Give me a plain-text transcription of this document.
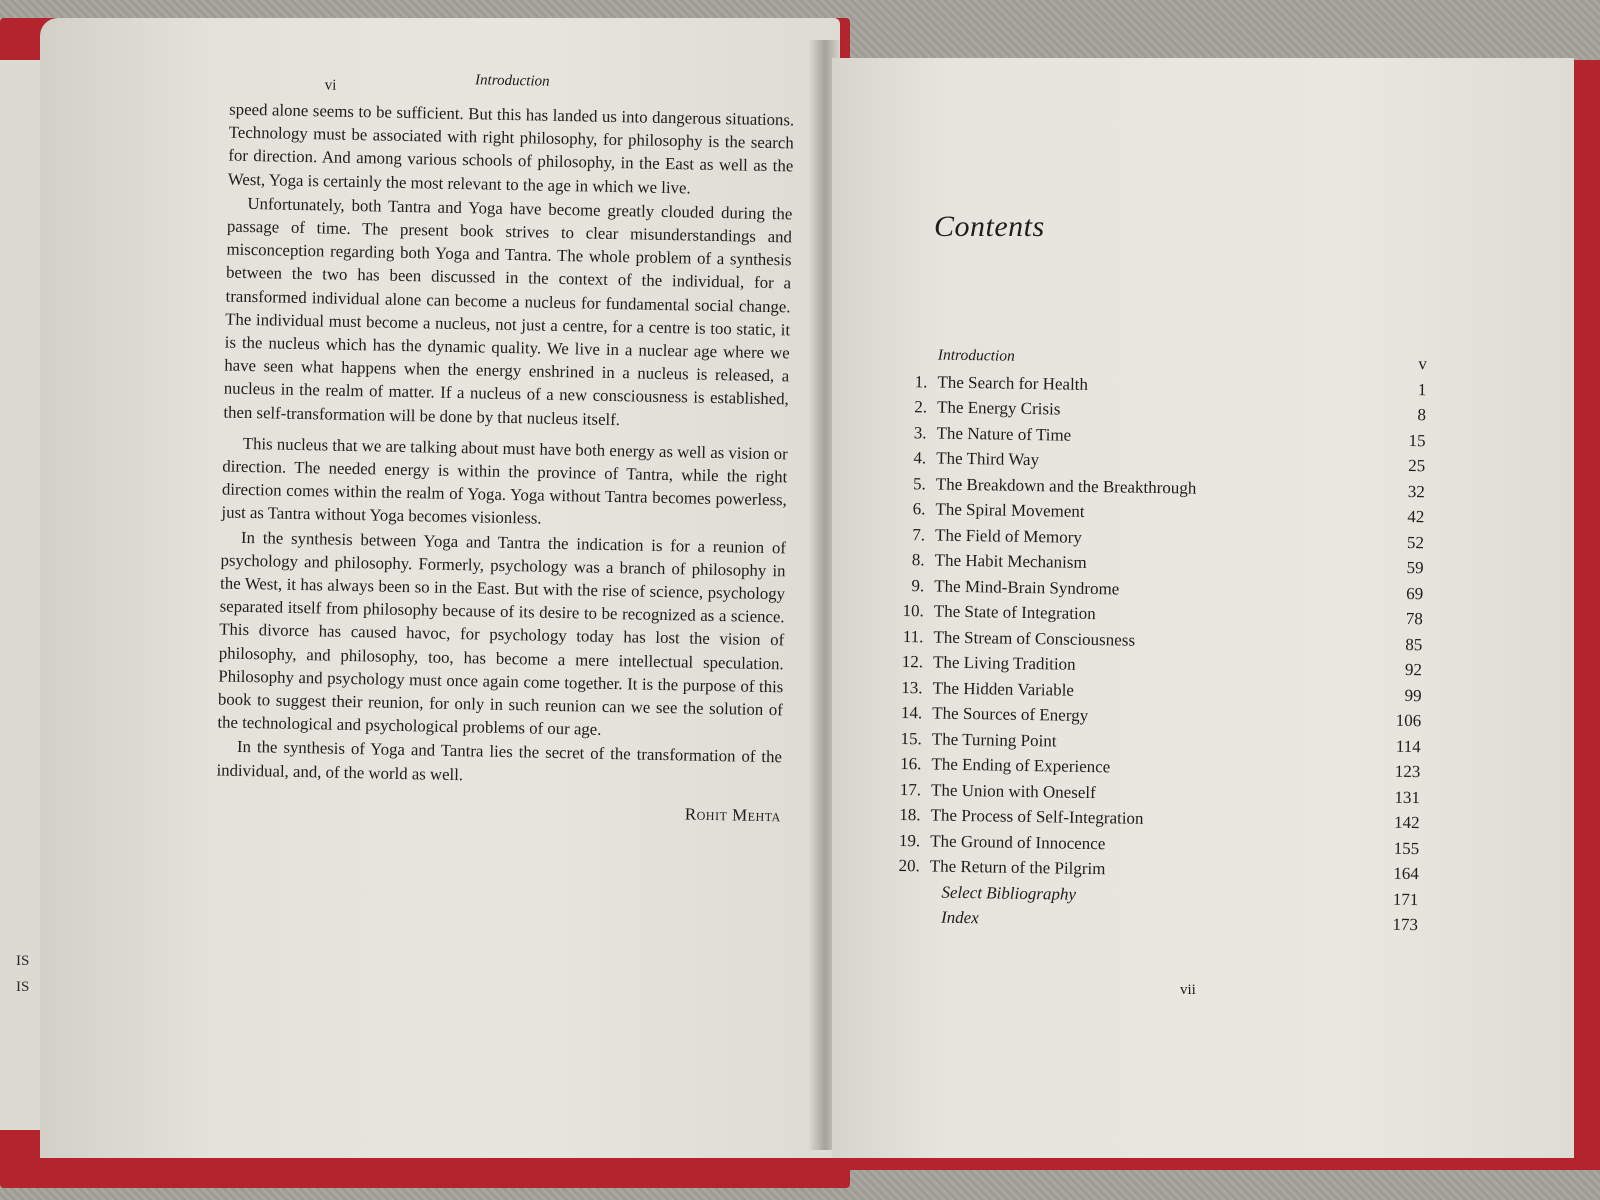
IS
IS
vi	Introduction

speed alone seems to be sufficient. But this has landed us into dangerous situations. Technology must be associated with right philosophy, for philosophy is the search for direction. And among various schools of philosophy, in the East as well as the West, Yoga is certainly the most relevant to the age in which we live.

Unfortunately, both Tantra and Yoga have become greatly clouded during the passage of time. The present book strives to clear misunderstandings and misconception regarding both Yoga and Tantra. The whole problem of a synthesis between the two has been discussed in the context of the individual, for a transformed individual alone can become a nucleus for fundamental social change. The individual must become a nucleus, not just a centre, for a centre is too static, it is the nucleus which has the dynamic quality. We live in a nuclear age where we have seen what happens when the energy enshrined in a nucleus is released, a nucleus in the realm of matter. If a nucleus of a new consciousness is established, then self-transformation will be done by that nucleus itself.

This nucleus that we are talking about must have both energy as well as vision or direction. The needed energy is within the province of Tantra, while the right direction comes within the realm of Yoga. Yoga without Tantra becomes powerless, just as Tantra without Yoga becomes visionless.

In the synthesis between Yoga and Tantra the indication is for a reunion of psychology and philosophy. Formerly, psychology was a branch of philosophy in the West, it has always been so in the East. But with the rise of science, psychology separated itself from philosophy because of its desire to be recognized as a science. This divorce has caused havoc, for psychology today has lost the vision of philosophy, and philosophy, too, has become a mere intellectual speculation. Philosophy and psychology must once again come together. It is the purpose of this book to suggest their reunion, for only in such reunion can we see the solution of the technological and psychological problems of our age.

In the synthesis of Yoga and Tantra lies the secret of the transformation of the individual, and, of the world as well.

Rohit Mehta
Contents
Introduction	v
1. The Search for Health	1
2. The Energy Crisis	8
3. The Nature of Time	15
4. The Third Way	25
5. The Breakdown and the Breakthrough	32
6. The Spiral Movement	42
7. The Field of Memory	52
8. The Habit Mechanism	59
9. The Mind-Brain Syndrome	69
10. The State of Integration	78
11. The Stream of Consciousness	85
12. The Living Tradition	92
13. The Hidden Variable	99
14. The Sources of Energy	106
15. The Turning Point	114
16. The Ending of Experience	123
17. The Union with Oneself	131
18. The Process of Self-Integration	142
19. The Ground of Innocence	155
20. The Return of the Pilgrim	164
Select Bibliography	171
Index	173
vii
